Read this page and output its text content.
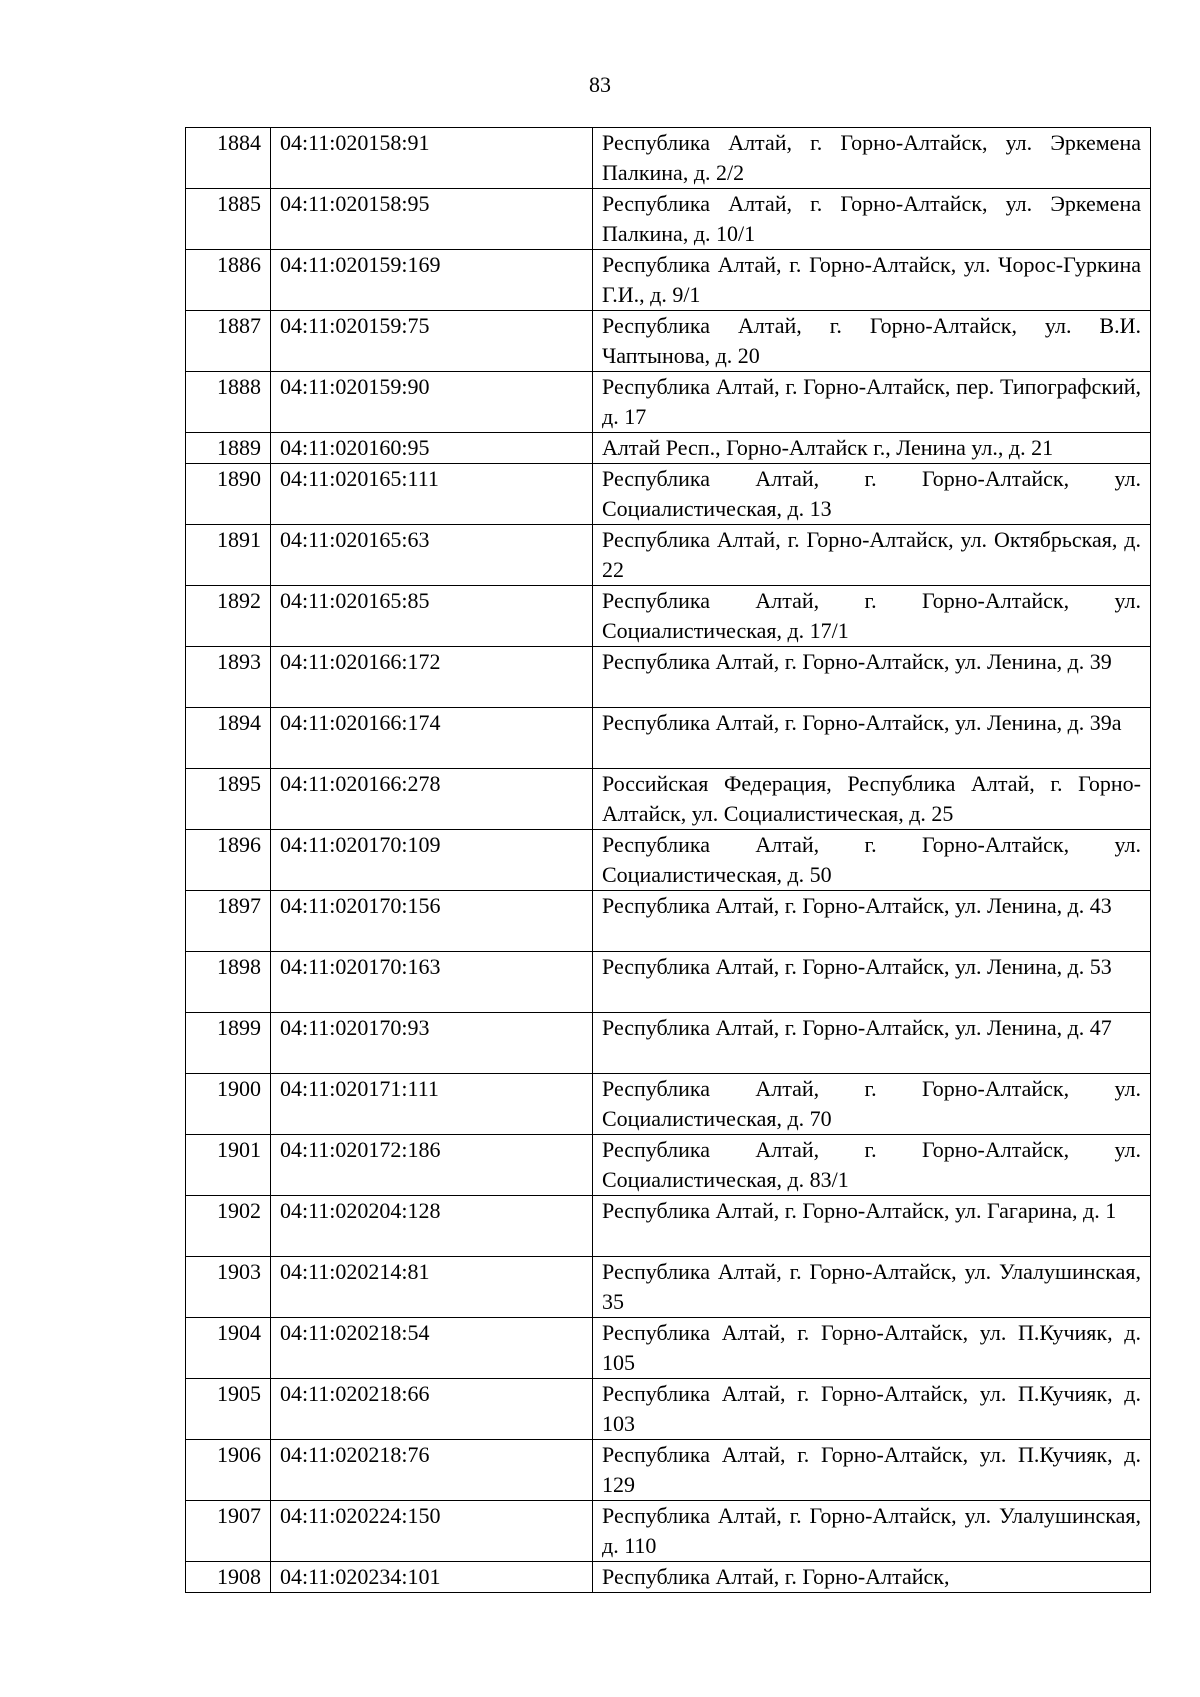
83
1884	04:11:020158:91	Республика Алтай, г. Горно-Алтайск, ул. Эркемена Палкина, д. 2/2
1885	04:11:020158:95	Республика Алтай, г. Горно-Алтайск, ул. Эркемена Палкина, д. 10/1
1886	04:11:020159:169	Республика Алтай, г. Горно-Алтайск, ул. Чорос-Гуркина Г.И., д. 9/1
1887	04:11:020159:75	Республика Алтай, г. Горно-Алтайск, ул. В.И. Чаптынова, д. 20
1888	04:11:020159:90	Республика Алтай, г. Горно-Алтайск, пер. Типографский, д. 17
1889	04:11:020160:95	Алтай Респ., Горно-Алтайск г., Ленина ул., д. 21
1890	04:11:020165:111	Республика Алтай, г. Горно-Алтайск, ул. Социалистическая, д. 13
1891	04:11:020165:63	Республика Алтай, г. Горно-Алтайск, ул. Октябрьская, д. 22
1892	04:11:020165:85	Республика Алтай, г. Горно-Алтайск, ул. Социалистическая, д. 17/1
1893	04:11:020166:172	Республика Алтай, г. Горно-Алтайск, ул. Ленина, д. 39
1894	04:11:020166:174	Республика Алтай, г. Горно-Алтайск, ул. Ленина, д. 39а
1895	04:11:020166:278	Российская Федерация, Республика Алтай, г. Горно-Алтайск, ул. Социалистическая, д. 25
1896	04:11:020170:109	Республика Алтай, г. Горно-Алтайск, ул. Социалистическая, д. 50
1897	04:11:020170:156	Республика Алтай, г. Горно-Алтайск, ул. Ленина, д. 43
1898	04:11:020170:163	Республика Алтай, г. Горно-Алтайск, ул. Ленина, д. 53
1899	04:11:020170:93	Республика Алтай, г. Горно-Алтайск, ул. Ленина, д. 47
1900	04:11:020171:111	Республика Алтай, г. Горно-Алтайск, ул. Социалистическая, д. 70
1901	04:11:020172:186	Республика Алтай, г. Горно-Алтайск, ул. Социалистическая, д. 83/1
1902	04:11:020204:128	Республика Алтай, г. Горно-Алтайск, ул. Гагарина, д. 1
1903	04:11:020214:81	Республика Алтай, г. Горно-Алтайск, ул. Улалушинская, 35
1904	04:11:020218:54	Республика Алтай, г. Горно-Алтайск, ул. П.Кучияк, д. 105
1905	04:11:020218:66	Республика Алтай, г. Горно-Алтайск, ул. П.Кучияк, д. 103
1906	04:11:020218:76	Республика Алтай, г. Горно-Алтайск, ул. П.Кучияк, д. 129
1907	04:11:020224:150	Республика Алтай, г. Горно-Алтайск, ул. Улалушинская, д. 110
1908	04:11:020234:101	Республика Алтай, г. Горно-Алтайск,
